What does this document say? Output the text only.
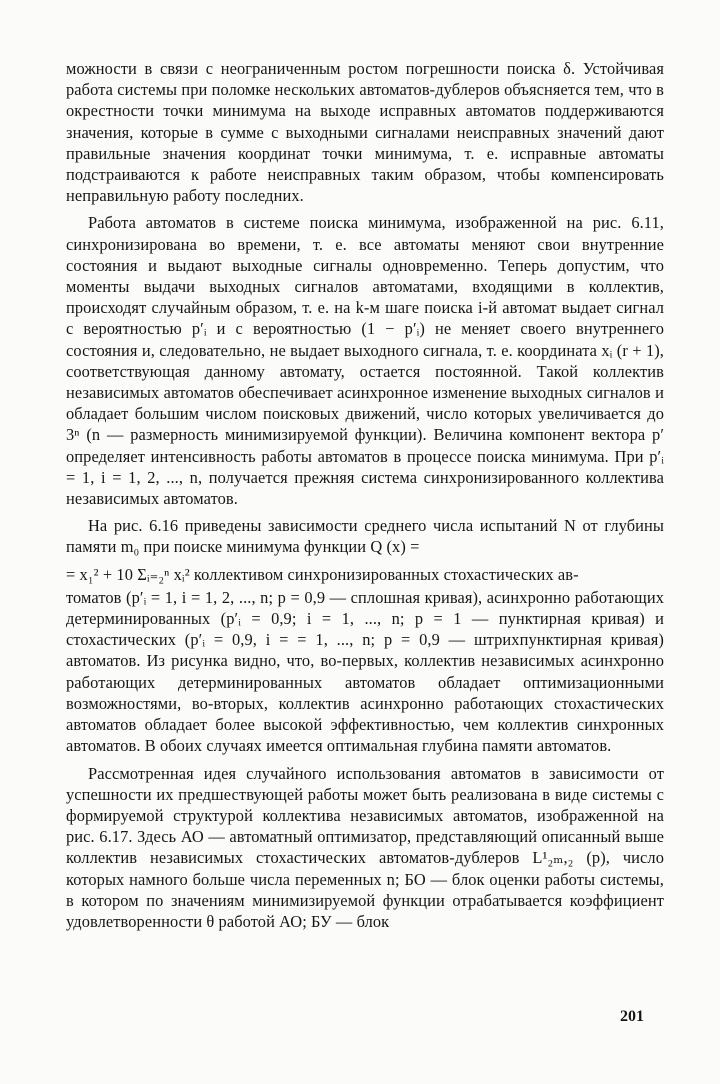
можности в связи с неограниченным ростом погрешности поиска δ. Устойчивая работа системы при поломке нескольких автоматов-дублеров объясняется тем, что в окрестности точки минимума на выходе исправных автоматов поддерживаются значения, которые в сумме с выходными сигналами неисправных значений дают правильные значения координат точки минимума, т. е. исправные автоматы подстраиваются к работе неисправных таким образом, чтобы компенсировать неправильную работу последних.

Работа автоматов в системе поиска минимума, изображенной на рис. 6.11, синхронизирована во времени, т. е. все автоматы меняют свои внутренние состояния и выдают выходные сигналы одновременно. Теперь допустим, что моменты выдачи выходных сигналов автоматами, входящими в коллектив, происходят случайным образом, т. е. на k-м шаге поиска i-й автомат выдает сигнал с вероятностью p′ᵢ и с вероятностью (1 − p′ᵢ) не меняет своего внутреннего состояния и, следовательно, не выдает выходного сигнала, т. е. координата xᵢ (r + 1), соответствующая данному автомату, остается постоянной. Такой коллектив независимых автоматов обеспечивает асинхронное изменение выходных сигналов и обладает большим числом поисковых движений, число которых увеличивается до 3ⁿ (n — размерность минимизируемой функции). Величина компонент вектора p′ определяет интенсивность работы автоматов в процессе поиска минимума. При p′ᵢ = 1, i = 1, 2, ..., n, получается прежняя система синхронизированного коллектива независимых автоматов.

На рис. 6.16 приведены зависимости среднего числа испытаний N от глубины памяти m₀ при поиске минимума функции Q (x) =

= x₁² + 10 Σᵢ₌₂ⁿ xᵢ² коллективом синхронизированных стохастических ав-

томатов (p′ᵢ = 1, i = 1, 2, ..., n; p = 0,9 — сплошная кривая), асинхронно работающих детерминированных (p′ᵢ = 0,9; i = 1, ..., n; p = 1 — пунктирная кривая) и стохастических (p′ᵢ = 0,9, i = = 1, ..., n; p = 0,9 — штрихпунктирная кривая) автоматов. Из рисунка видно, что, во-первых, коллектив независимых асинхронно работающих детерминированных автоматов обладает оптимизационными возможностями, во-вторых, коллектив асинхронно работающих стохастических автоматов обладает более высокой эффективностью, чем коллектив синхронных автоматов. В обоих случаях имеется оптимальная глубина памяти автоматов.

Рассмотренная идея случайного использования автоматов в зависимости от успешности их предшествующей работы может быть реализована в виде системы с формируемой структурой коллектива независимых автоматов, изображенной на рис. 6.17. Здесь АО — автоматный оптимизатор, представляющий описанный выше коллектив независимых стохастических автоматов-дублеров L¹₂ₘ,₂ (p), число которых намного больше числа переменных n; БО — блок оценки работы системы, в котором по значениям минимизируемой функции отрабатывается коэффициент удовлетворенности θ работой АО; БУ — блок

201
